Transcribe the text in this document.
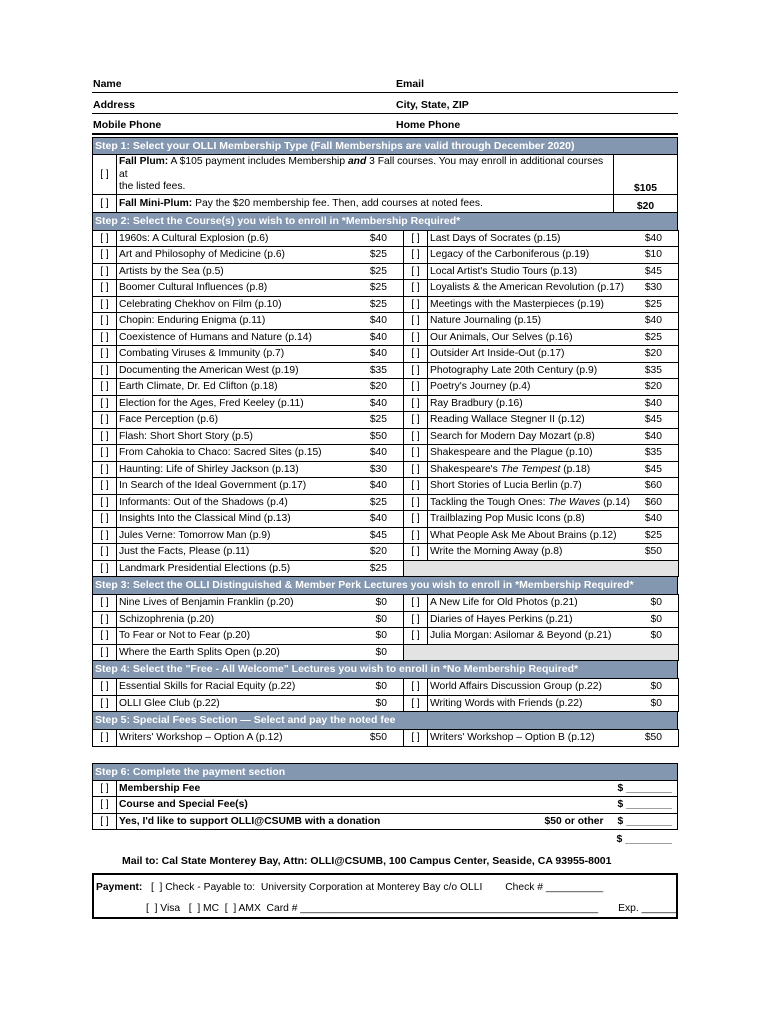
Name	Email
Address	City, State, ZIP
Mobile Phone	Home Phone
Step 1: Select your OLLI Membership Type (Fall Memberships are valid through December 2020)
[ ]	Fall Plum: A $105 payment includes Membership and 3 Fall courses. You may enroll in additional courses at
the listed fees.	$105
[ ]	Fall Mini-Plum: Pay the $20 membership fee. Then, add courses at noted fees.	$20
Step 2: Select the Course(s) you wish to enroll in *Membership Required*
[ ]	1960s: A Cultural Explosion (p.6)	$40	[ ]	Last Days of Socrates (p.15)	$40
[ ]	Art and Philosophy of Medicine (p.6)	$25	[ ]	Legacy of the Carboniferous (p.19)	$10
[ ]	Artists by the Sea (p.5)	$25	[ ]	Local Artist's Studio Tours (p.13)	$45
[ ]	Boomer Cultural Influences (p.8)	$25	[ ]	Loyalists & the American Revolution (p.17)	$30
[ ]	Celebrating Chekhov on Film (p.10)	$25	[ ]	Meetings with the Masterpieces (p.19)	$25
[ ]	Chopin: Enduring Enigma (p.11)	$40	[ ]	Nature Journaling (p.15)	$40
[ ]	Coexistence of Humans and Nature (p.14)	$40	[ ]	Our Animals, Our Selves (p.16)	$25
[ ]	Combating Viruses & Immunity (p.7)	$40	[ ]	Outsider Art Inside-Out (p.17)	$20
[ ]	Documenting the American West (p.19)	$35	[ ]	Photography Late 20th Century (p.9)	$35
[ ]	Earth Climate, Dr. Ed Clifton (p.18)	$20	[ ]	Poetry's Journey (p.4)	$20
[ ]	Election for the Ages, Fred Keeley (p.11)	$40	[ ]	Ray Bradbury (p.16)	$40
[ ]	Face Perception (p.6)	$25	[ ]	Reading Wallace Stegner II (p.12)	$45
[ ]	Flash: Short Short Story (p.5)	$50	[ ]	Search for Modern Day Mozart (p.8)	$40
[ ]	From Cahokia to Chaco: Sacred Sites (p.15)	$40	[ ]	Shakespeare and the Plague (p.10)	$35
[ ]	Haunting: Life of Shirley Jackson (p.13)	$30	[ ]	Shakespeare's The Tempest (p.18)	$45
[ ]	In Search of the Ideal Government (p.17)	$40	[ ]	Short Stories of Lucia Berlin (p.7)	$60
[ ]	Informants: Out of the Shadows (p.4)	$25	[ ]	Tackling the Tough Ones: The Waves (p.14)	$60
[ ]	Insights Into the Classical Mind (p.13)	$40	[ ]	Trailblazing Pop Music Icons (p.8)	$40
[ ]	Jules Verne: Tomorrow Man (p.9)	$45	[ ]	What People Ask Me About Brains (p.12)	$25
[ ]	Just the Facts, Please (p.11)	$20	[ ]	Write the Morning Away (p.8)	$50
[ ]	Landmark Presidential Elections (p.5)	$25			
Step 3: Select the OLLI Distinguished & Member Perk Lectures you wish to enroll in *Membership Required*
[ ]	Nine Lives of Benjamin Franklin (p.20)	$0	[ ]	A New Life for Old Photos (p.21)	$0
[ ]	Schizophrenia (p.20)	$0	[ ]	Diaries of Hayes Perkins (p.21)	$0
[ ]	To Fear or Not to Fear (p.20)	$0	[ ]	Julia Morgan: Asilomar & Beyond (p.21)	$0
[ ]	Where the Earth Splits Open (p.20)	$0			
Step 4: Select the "Free - All Welcome" Lectures you wish to enroll in *No Membership Required*
[ ]	Essential Skills for Racial Equity (p.22)	$0	[ ]	World Affairs Discussion Group (p.22)	$0
[ ]	OLLI Glee Club (p.22)	$0	[ ]	Writing Words with Friends (p.22)	$0
Step 5: Special Fees Section — Select and pay the noted fee
[ ]	Writers' Workshop – Option A (p.12)	$50	[ ]	Writers' Workshop – Option B (p.12)	$50
Step 6: Complete the payment section
[ ]	Membership Fee		$ ________
[ ]	Course and Special Fee(s)		$ ________
[ ]	Yes, I'd like to support OLLI@CSUMB with a donation	$50 or other	$ ________
$ ________
Mail to: Cal State Monterey Bay, Attn: OLLI@CSUMB, 100 Campus Center, Seaside, CA 93955-8001
Payment:   [  ] Check - Payable to:  University Corporation at Monterey Bay c/o OLLI        Check # __________
[  ] Visa   [  ] MC  [  ] AMX  Card # ____________________________________________________       Exp. ______
